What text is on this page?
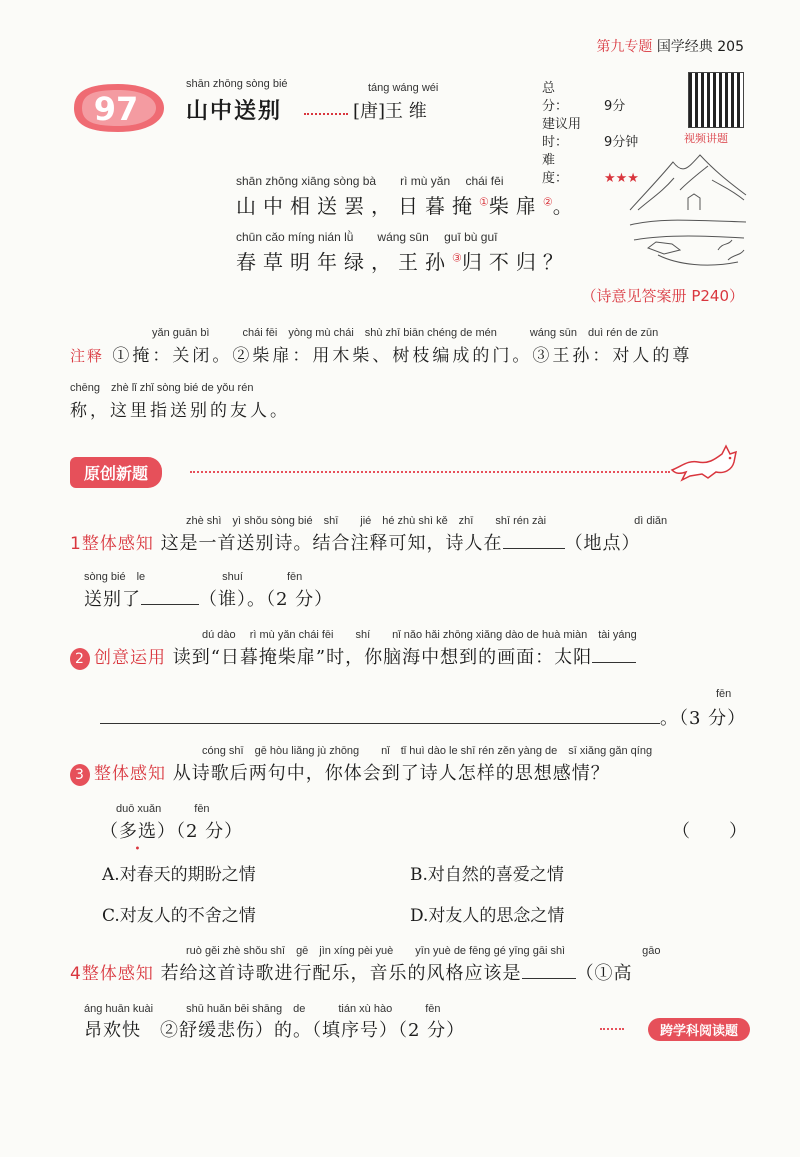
第九专题 国学经典 205
97
shān zhōng sòng bié
山中送别
táng wáng wéi
[唐]王 维
总　　分：	9分
建议用时：	9分钟
难　　度：	★★★
视频讲题
shān zhōng xiāng sòng bà　　rì mù yǎn　 chái fēi
山中相送罢，日暮掩①柴扉②。
chūn cǎo míng nián lǜ　　wáng sūn　 guī bù guī
春草明年绿，王孙③归不归？
（诗意见答案册 P240）
yǎn guān bì　　　chái fēi　yòng mù chái　shù zhī biān chéng de mén　　　wáng sūn　duì rén de zūn
注释 ①掩：关闭。②柴扉：用木柴、树枝编成的门。③王孙：对人的尊
chēng　zhè lǐ zhǐ sòng bié de yǒu rén
称，这里指送别的友人。
原创新题
zhè shì　yì shǒu sòng bié　shī　　jié　hé zhù shì kě　zhī　　shī rén zài　　　　　　　　dì diǎn
1整体感知 这是一首送别诗。结合注释可知，诗人在	（地点）
sòng bié　le　　　　　　　shuí　　　　fēn
送别了	（谁）。（2 分）
dú dào　 rì mù yǎn chái fēi　　shí　　nǐ nǎo hǎi zhōng xiǎng dào de huà miàn　tài yáng
2 创意运用 读到“日暮掩柴扉”时，你脑海中想到的画面：太阳
fēn
。（3 分）
cóng shī　gē hòu liǎng jù zhōng　　nǐ　tǐ huì dào le shī rén zěn yàng de　sī xiǎng gǎn qíng
3 整体感知 从诗歌后两句中，你体会到了诗人怎样的思想感情？
duō xuǎn　　　fēn
（多选）（2 分）	（　　）
A.对春天的期盼之情	B.对自然的喜爱之情
C.对友人的不舍之情	D.对友人的思念之情
ruò gěi zhè shǒu shī　gē　jìn xíng pèi yuè　　yīn yuè de fēng gé yīng gāi shì　　　　　　　gāo
4整体感知 若给这首诗歌进行配乐，音乐的风格应该是	（①高
áng huān kuài　　　shū huǎn bēi shāng　de　　　tián xù hào　　　fēn
昂欢快　②舒缓悲伤）的。（填序号）（2 分）	跨学科阅读题
